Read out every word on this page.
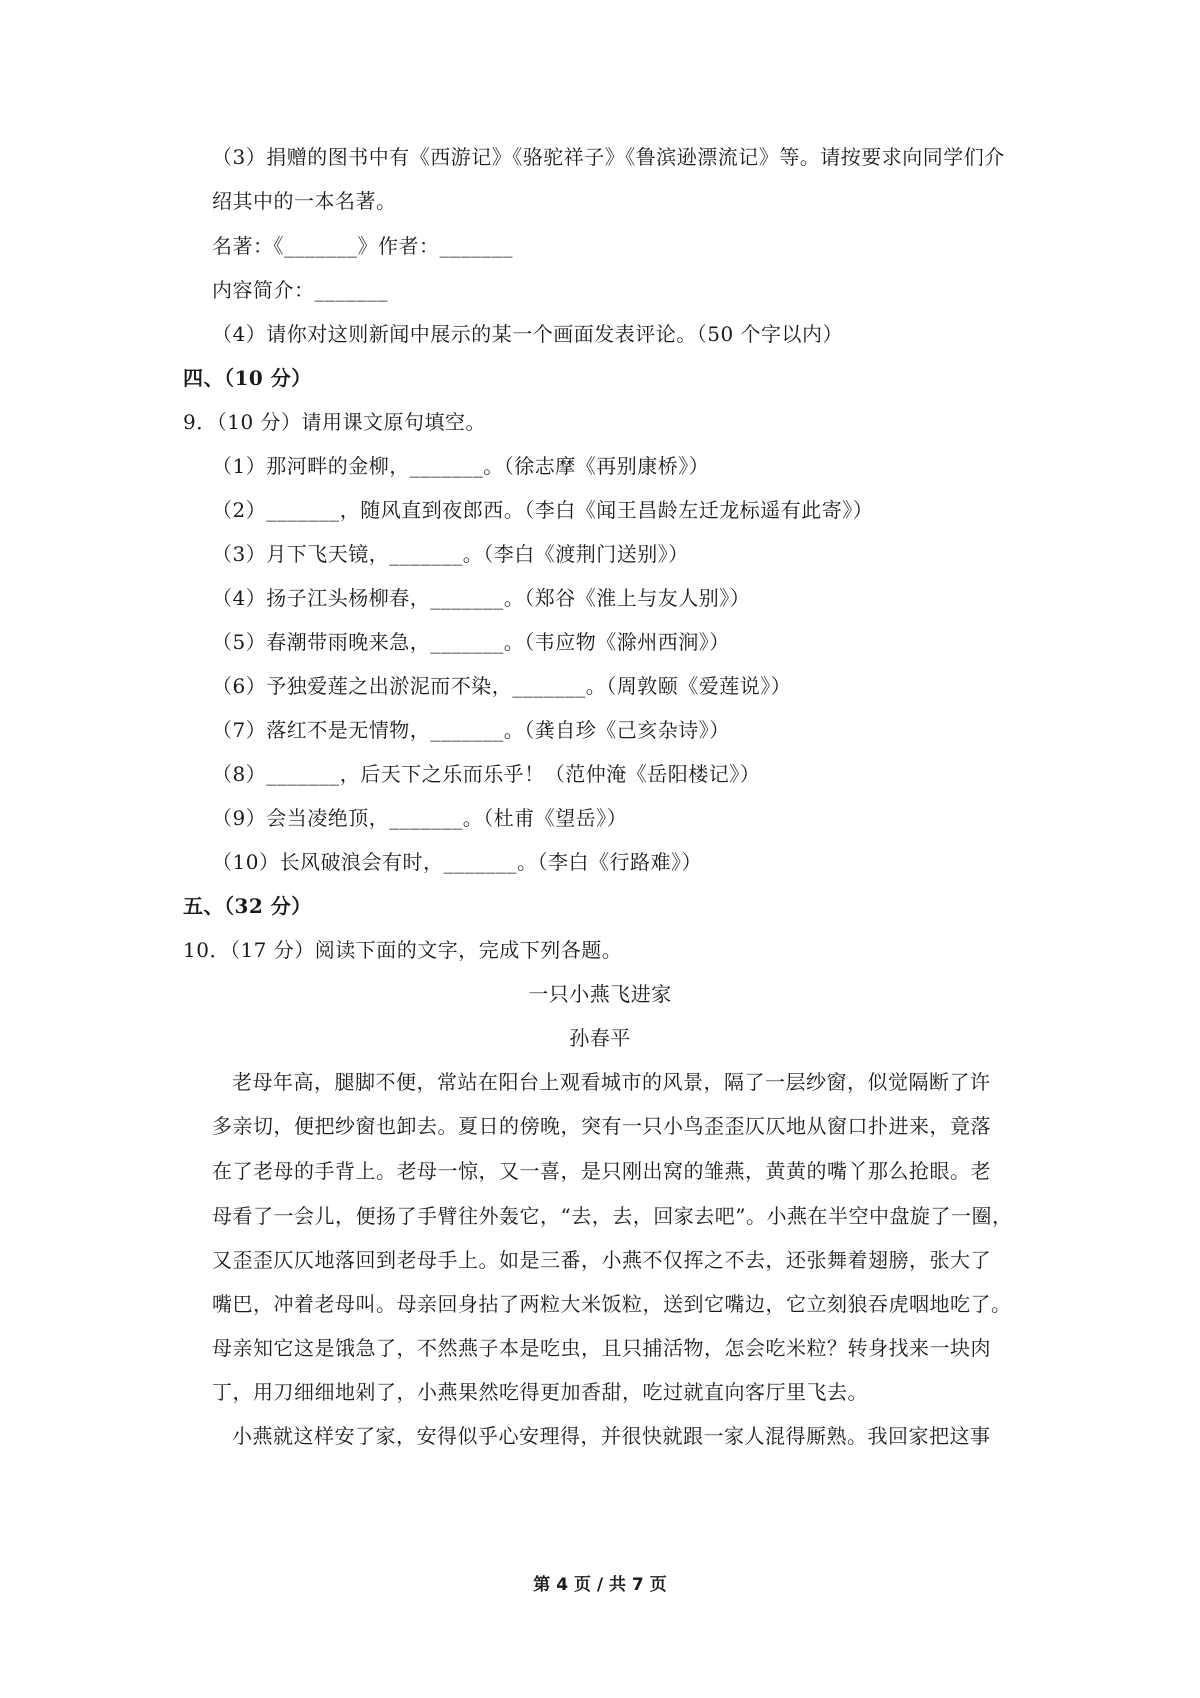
（3）捐赠的图书中有《西游记》《骆驼祥子》《鲁滨逊漂流记》等。请按要求向同学们介
绍其中的一本名著。
名著：《_______》作者：_______
内容简介：_______
（4）请你对这则新闻中展示的某一个画面发表评论。（50 个字以内）
四、（10 分）
9．（10 分）请用课文原句填空。
（1）那河畔的金柳，_______。（徐志摩《再别康桥》）
（2）_______，随风直到夜郎西。（李白《闻王昌龄左迁龙标遥有此寄》）
（3）月下飞天镜，_______。（李白《渡荆门送别》）
（4）扬子江头杨柳春，_______。（郑谷《淮上与友人别》）
（5）春潮带雨晚来急，_______。（韦应物《滁州西涧》）
（6）予独爱莲之出淤泥而不染，_______。（周敦颐《爱莲说》）
（7）落红不是无情物，_______。（龚自珍《己亥杂诗》）
（8）_______，后天下之乐而乐乎！（范仲淹《岳阳楼记》）
（9）会当凌绝顶，_______。（杜甫《望岳》）
（10）长风破浪会有时，_______。（李白《行路难》）
五、（32 分）
10．（17 分）阅读下面的文字，完成下列各题。
一只小燕飞进家
孙春平
老母年高，腿脚不便，常站在阳台上观看城市的风景，隔了一层纱窗，似觉隔断了许
多亲切，便把纱窗也卸去。夏日的傍晚，突有一只小鸟歪歪仄仄地从窗口扑进来，竟落
在了老母的手背上。老母一惊，又一喜，是只刚出窝的雏燕，黄黄的嘴丫那么抢眼。老
母看了一会儿，便扬了手臂往外轰它，“去，去，回家去吧”。小燕在半空中盘旋了一圈，
又歪歪仄仄地落回到老母手上。如是三番，小燕不仅挥之不去，还张舞着翅膀，张大了
嘴巴，冲着老母叫。母亲回身拈了两粒大米饭粒，送到它嘴边，它立刻狼吞虎咽地吃了。
母亲知它这是饿急了，不然燕子本是吃虫，且只捕活物，怎会吃米粒？转身找来一块肉
丁，用刀细细地剁了，小燕果然吃得更加香甜，吃过就直向客厅里飞去。
小燕就这样安了家，安得似乎心安理得，并很快就跟一家人混得厮熟。我回家把这事
第 4 页 / 共 7 页
